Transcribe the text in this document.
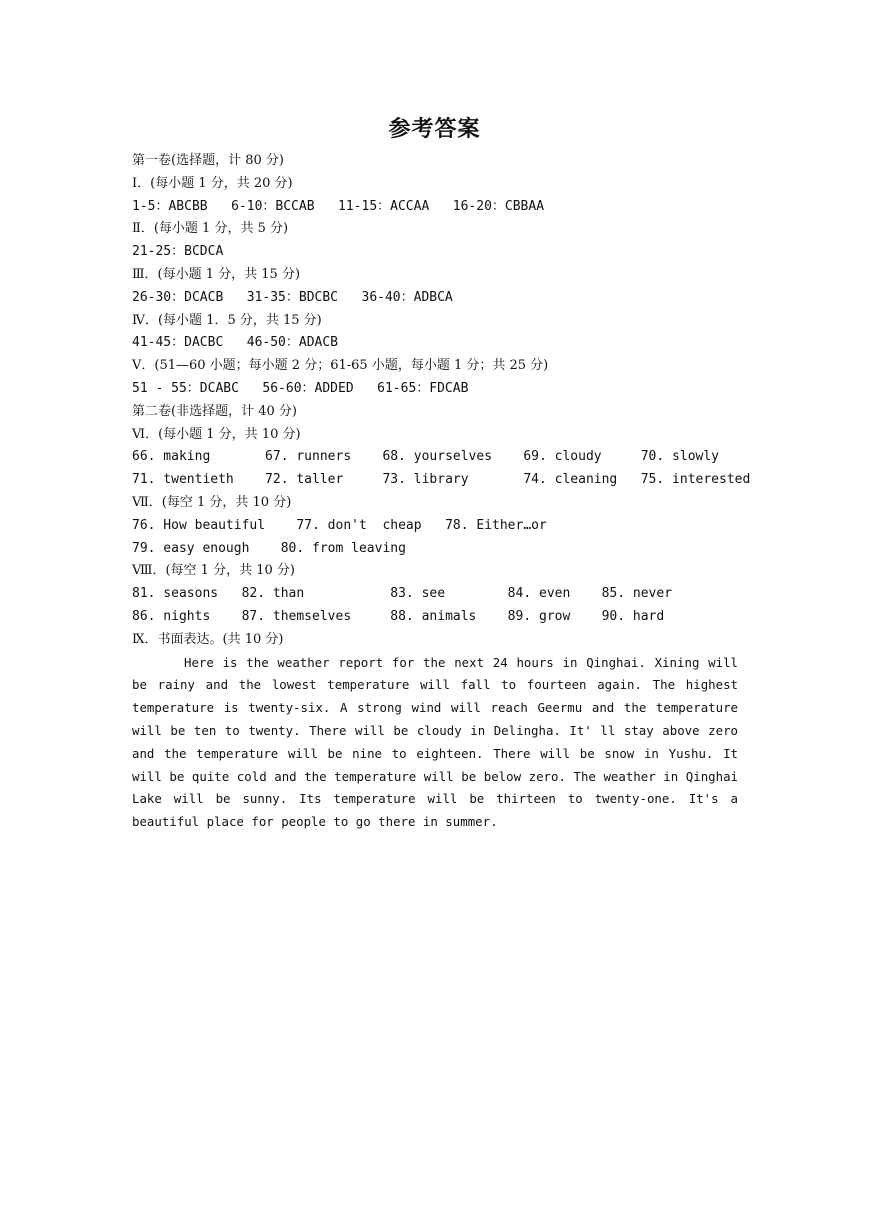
参考答案
第一卷(选择题，计 80 分)
I．(每小题 1 分，共 20 分)
1-5：ABCBB   6-10：BCCAB   11-15：ACCAA   16-20：CBBAA
Ⅱ．(每小题 1 分，共 5 分)
21-25：BCDCA
Ⅲ．(每小题 1 分，共 15 分)
26-30：DCACB   31-35：BDCBC   36-40：ADBCA
Ⅳ．(每小题 1．5 分，共 15 分)
41-45：DACBC   46-50：ADACB
V．(51—60 小题；每小题 2 分；61-65 小题，每小题 1 分；共 25 分)
51 - 55：DCABC   56-60：ADDED   61-65：FDCAB
第二卷(非选择题，计 40 分)
Ⅵ．(每小题 1 分，共 10 分)
66. making       67. runners    68. yourselves    69. cloudy     70. slowly
71. twentieth    72. taller     73. library       74. cleaning   75. interested
Ⅶ．(每空 1 分，共 10 分)
76. How beautiful    77. don't  cheap   78. Either…or
79. easy enough    80. from leaving
Ⅷ．(每空 1 分，共 10 分)
81. seasons   82. than           83. see        84. even    85. never
86. nights    87. themselves     88. animals    89. grow    90. hard
Ⅸ．书面表达。(共 10 分)

Here is the weather report for the next 24 hours in Qinghai. Xining will be rainy and the lowest temperature will fall to fourteen again. The highest temperature is twenty-six. A strong wind will reach Geermu and the temperature will be ten to twenty. There will be cloudy in Delingha. It' ll stay above zero and the temperature will be nine to eighteen. There will be snow in Yushu. It will be quite cold and the temperature will be below zero. The weather in Qinghai Lake will be sunny. Its temperature will be thirteen to twenty-one. It's a beautiful place for people to go there in summer.
